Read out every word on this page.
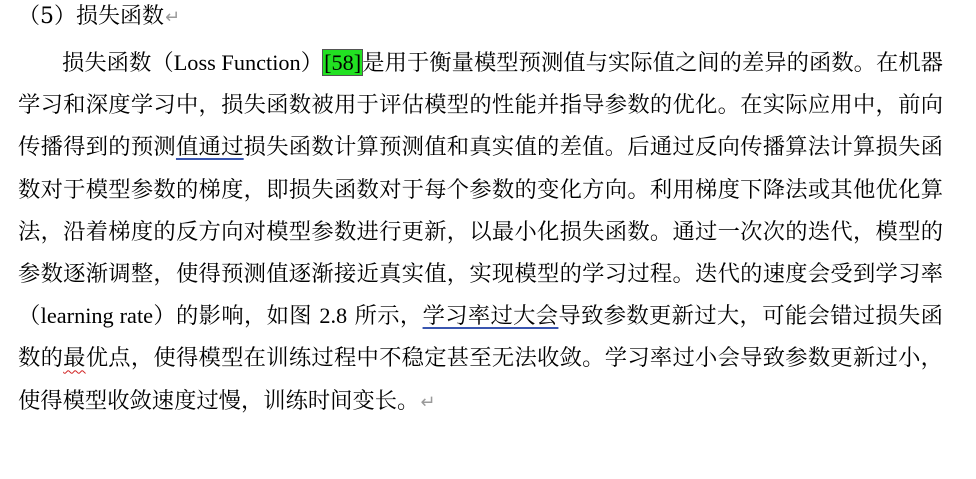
（5）损失函数↵

损失函数（Loss Function）[58]是用于衡量模型预测值与实际值之间的差异的函数。在机器学习和深度学习中，损失函数被用于评估模型的性能并指导参数的优化。在实际应用中，前向传播得到的预测值通过损失函数计算预测值和真实值的差值。后通过反向传播算法计算损失函数对于模型参数的梯度，即损失函数对于每个参数的变化方向。利用梯度下降法或其他优化算法，沿着梯度的反方向对模型参数进行更新，以最小化损失函数。通过一次次的迭代，模型的参数逐渐调整，使得预测值逐渐接近真实值，实现模型的学习过程。迭代的速度会受到学习率（learning rate）的影响，如图 2.8 所示，学习率过大会导致参数更新过大，可能会错过损失函数的最优点，使得模型在训练过程中不稳定甚至无法收敛。学习率过小会导致参数更新过小，使得模型收敛速度过慢，训练时间变长。↵
